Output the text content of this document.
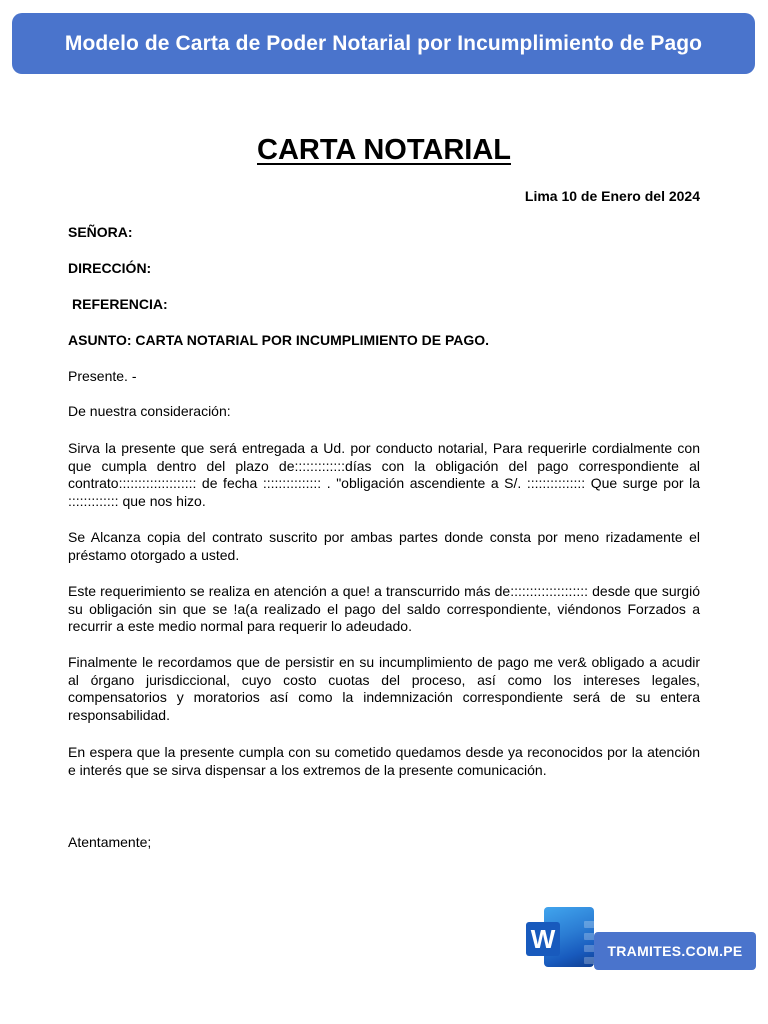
Modelo de Carta de Poder Notarial por Incumplimiento de Pago
CARTA NOTARIAL
Lima 10 de Enero del 2024
SEÑORA:
DIRECCIÓN:
REFERENCIA:
ASUNTO: CARTA NOTARIAL POR INCUMPLIMIENTO DE PAGO.
Presente. -
De nuestra consideración:
Sirva la presente que será entregada a Ud. por conducto notarial, Para requerirle cordialmente con que cumpla dentro del plazo de:::::::::::::días con la obligación del pago correspondiente al contrato:::::::::::::::::::: de fecha ::::::::::::::: . "obligación ascendiente a S/. ::::::::::::::: Que surge por la ::::::::::::: que nos hizo.
Se Alcanza copia del contrato suscrito por ambas partes donde consta por meno rizadamente el préstamo otorgado a usted.
Este requerimiento se realiza en atención a que! a transcurrido más de:::::::::::::::::::: desde que surgió su obligación sin que se !a(a realizado el pago del saldo correspondiente, viéndonos Forzados a recurrir a este medio normal para requerir lo adeudado.
Finalmente le recordamos que de persistir en su incumplimiento de pago me ver& obligado a acudir al órgano jurisdiccional, cuyo costo cuotas del proceso, así como los intereses legales, compensatorios y moratorios así como la indemnización correspondiente será de su entera responsabilidad.
En espera que la presente cumpla con su cometido quedamos desde ya reconocidos por la atención e interés que se sirva dispensar a los extremos de la presente comunicación.
Atentamente;
W	TRAMITES.COM.PE
